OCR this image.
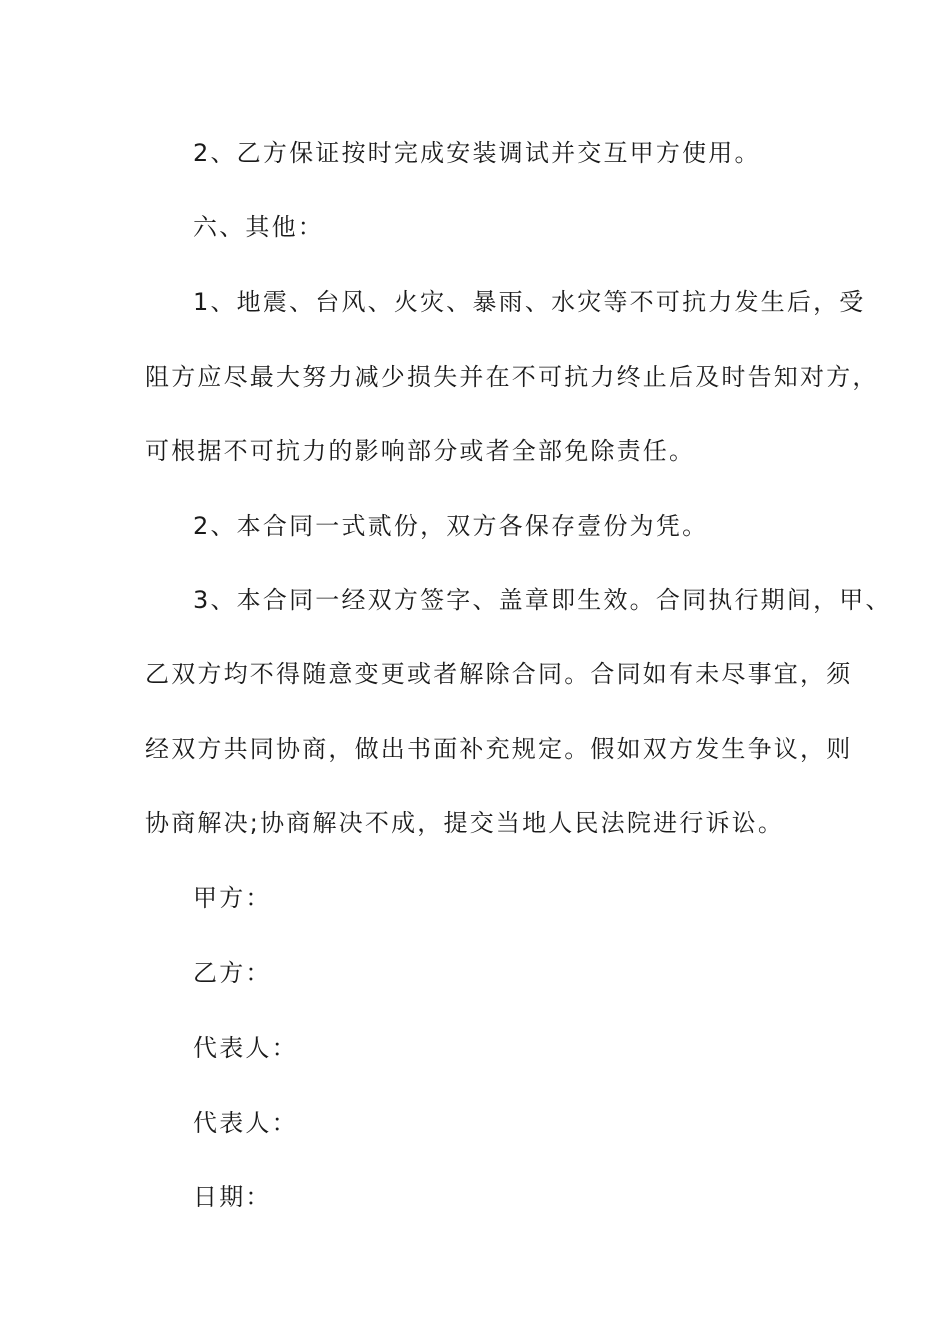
2、乙方保证按时完成安装调试并交互甲方使用。
六、其他：
1、地震、台风、火灾、暴雨、水灾等不可抗力发生后，受
阻方应尽最大努力减少损失并在不可抗力终止后及时告知对方，
可根据不可抗力的影响部分或者全部免除责任。
2、本合同一式贰份，双方各保存壹份为凭。
3、本合同一经双方签字、盖章即生效。合同执行期间，甲、
乙双方均不得随意变更或者解除合同。合同如有未尽事宜，须
经双方共同协商，做出书面补充规定。假如双方发生争议，则
协商解决;协商解决不成，提交当地人民法院进行诉讼。
甲方：
乙方：
代表人：
代表人：
日期：
